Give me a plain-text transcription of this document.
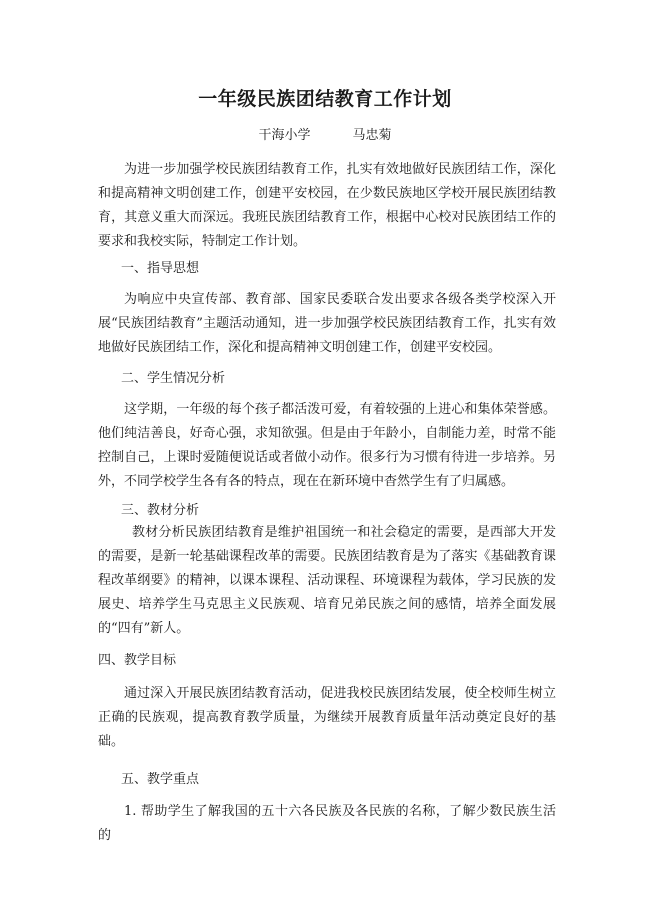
一年级民族团结教育工作计划
干海小学	马忠菊

为进一步加强学校民族团结教育工作，扎实有效地做好民族团结工作，深化和提高精神文明创建工作，创建平安校园，在少数民族地区学校开展民族团结教育，其意义重大而深远。我班民族团结教育工作，根据中心校对民族团结工作的要求和我校实际，特制定工作计划。

一、指导思想

为响应中央宣传部、教育部、国家民委联合发出要求各级各类学校深入开展“民族团结教育”主题活动通知，进一步加强学校民族团结教育工作，扎实有效地做好民族团结工作，深化和提高精神文明创建工作，创建平安校园。

二、学生情况分析

这学期，一年级的每个孩子都活泼可爱，有着较强的上进心和集体荣誉感。他们纯洁善良，好奇心强，求知欲强。但是由于年龄小，自制能力差，时常不能控制自己，上课时爱随便说话或者做小动作。很多行为习惯有待进一步培养。另外，不同学校学生各有各的特点，现在在新环境中杳然学生有了归属感。

三、教材分析

教材分析民族团结教育是维护祖国统一和社会稳定的需要，是西部大开发的需要，是新一轮基础课程改革的需要。民族团结教育是为了落实《基础教育课程改革纲要》的精神，以课本课程、活动课程、环境课程为载体，学习民族的发展史、培养学生马克思主义民族观、培育兄弟民族之间的感情，培养全面发展的“四有”新人。

四、教学目标

通过深入开展民族团结教育活动，促进我校民族团结发展，使全校师生树立正确的民族观，提高教育教学质量，为继续开展教育质量年活动奠定良好的基础。

五、教学重点

1. 帮助学生了解我国的五十六各民族及各民族的名称，了解少数民族生活的
